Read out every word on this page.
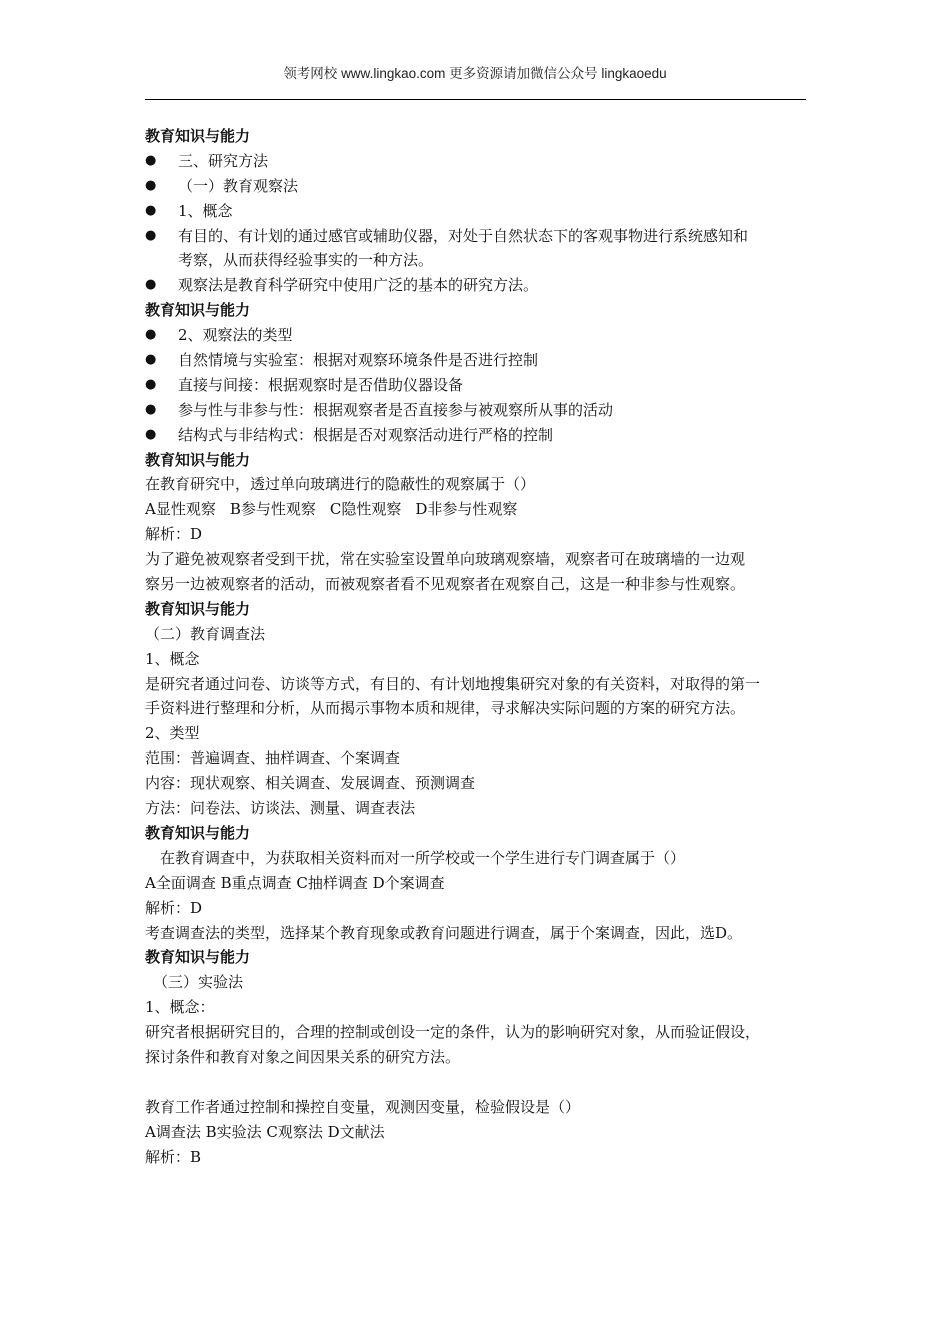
领考网校 www.lingkao.com 更多资源请加微信公众号 lingkaoedu
教育知识与能力
● 三、研究方法
● （一）教育观察法
● 1、概念
● 有目的、有计划的通过感官或辅助仪器，对处于自然状态下的客观事物进行系统感知和
考察，从而获得经验事实的一种方法。
● 观察法是教育科学研究中使用广泛的基本的研究方法。
教育知识与能力
● 2、观察法的类型
● 自然情境与实验室：根据对观察环境条件是否进行控制
● 直接与间接：根据观察时是否借助仪器设备
● 参与性与非参与性：根据观察者是否直接参与被观察所从事的活动
● 结构式与非结构式：根据是否对观察活动进行严格的控制
教育知识与能力
在教育研究中，透过单向玻璃进行的隐蔽性的观察属于（）
A显性观察 B参与性观察 C隐性观察 D非参与性观察
解析：D
为了避免被观察者受到干扰，常在实验室设置单向玻璃观察墙，观察者可在玻璃墙的一边观
察另一边被观察者的活动，而被观察者看不见观察者在观察自己，这是一种非参与性观察。
教育知识与能力
（二）教育调查法
1、概念
是研究者通过问卷、访谈等方式，有目的、有计划地搜集研究对象的有关资料，对取得的第一
手资料进行整理和分析，从而揭示事物本质和规律，寻求解决实际问题的方案的研究方法。
2、类型
范围：普遍调查、抽样调查、个案调查
内容：现状观察、相关调查、发展调查、预测调查
方法：问卷法、访谈法、测量、调查表法
教育知识与能力
在教育调查中，为获取相关资料而对一所学校或一个学生进行专门调查属于（）
A全面调查 B重点调查 C抽样调查 D个案调查
解析：D
考查调查法的类型，选择某个教育现象或教育问题进行调查，属于个案调查，因此，选D。
教育知识与能力
（三）实验法
1、概念：
研究者根据研究目的，合理的控制或创设一定的条件，认为的影响研究对象，从而验证假设，
探讨条件和教育对象之间因果关系的研究方法。
教育工作者通过控制和操控自变量，观测因变量，检验假设是（）
A调查法 B实验法 C观察法 D文献法
解析：B
